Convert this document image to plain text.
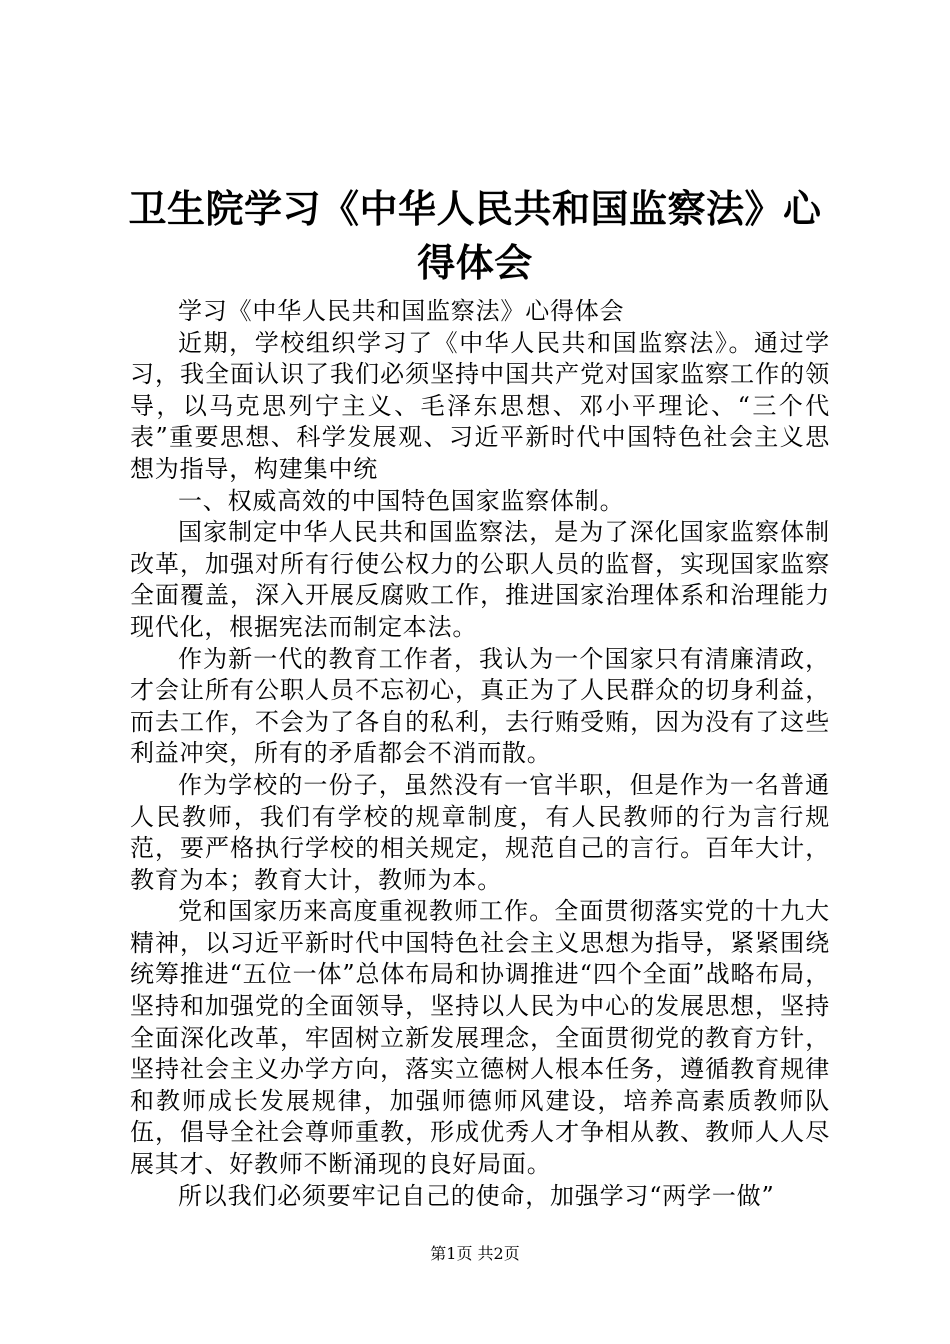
卫生院学习《中华人民共和国监察法》心得体会

学习《中华人民共和国监察法》心得体会

近期，学校组织学习了《中华人民共和国监察法》。通过学习，我全面认识了我们必须坚持中国共产党对国家监察工作的领导，以马克思列宁主义、毛泽东思想、邓小平理论、“三个代表”重要思想、科学发展观、习近平新时代中国特色社会主义思想为指导，构建集中统

一、权威高效的中国特色国家监察体制。

国家制定中华人民共和国监察法，是为了深化国家监察体制改革，加强对所有行使公权力的公职人员的监督，实现国家监察全面覆盖，深入开展反腐败工作，推进国家治理体系和治理能力现代化，根据宪法而制定本法。

作为新一代的教育工作者，我认为一个国家只有清廉清政，才会让所有公职人员不忘初心，真正为了人民群众的切身利益，而去工作，不会为了各自的私利，去行贿受贿，因为没有了这些利益冲突，所有的矛盾都会不消而散。

作为学校的一份子，虽然没有一官半职，但是作为一名普通人民教师，我们有学校的规章制度，有人民教师的行为言行规范，要严格执行学校的相关规定，规范自己的言行。百年大计，教育为本；教育大计，教师为本。

党和国家历来高度重视教师工作。全面贯彻落实党的十九大精神，以习近平新时代中国特色社会主义思想为指导，紧紧围绕统筹推进“五位一体”总体布局和协调推进“四个全面”战略布局，坚持和加强党的全面领导，坚持以人民为中心的发展思想，坚持全面深化改革，牢固树立新发展理念，全面贯彻党的教育方针，坚持社会主义办学方向，落实立德树人根本任务，遵循教育规律和教师成长发展规律，加强师德师风建设，培养高素质教师队伍，倡导全社会尊师重教，形成优秀人才争相从教、教师人人尽展其才、好教师不断涌现的良好局面。

所以我们必须要牢记自己的使命，加强学习“两学一做”

第1页 共2页
